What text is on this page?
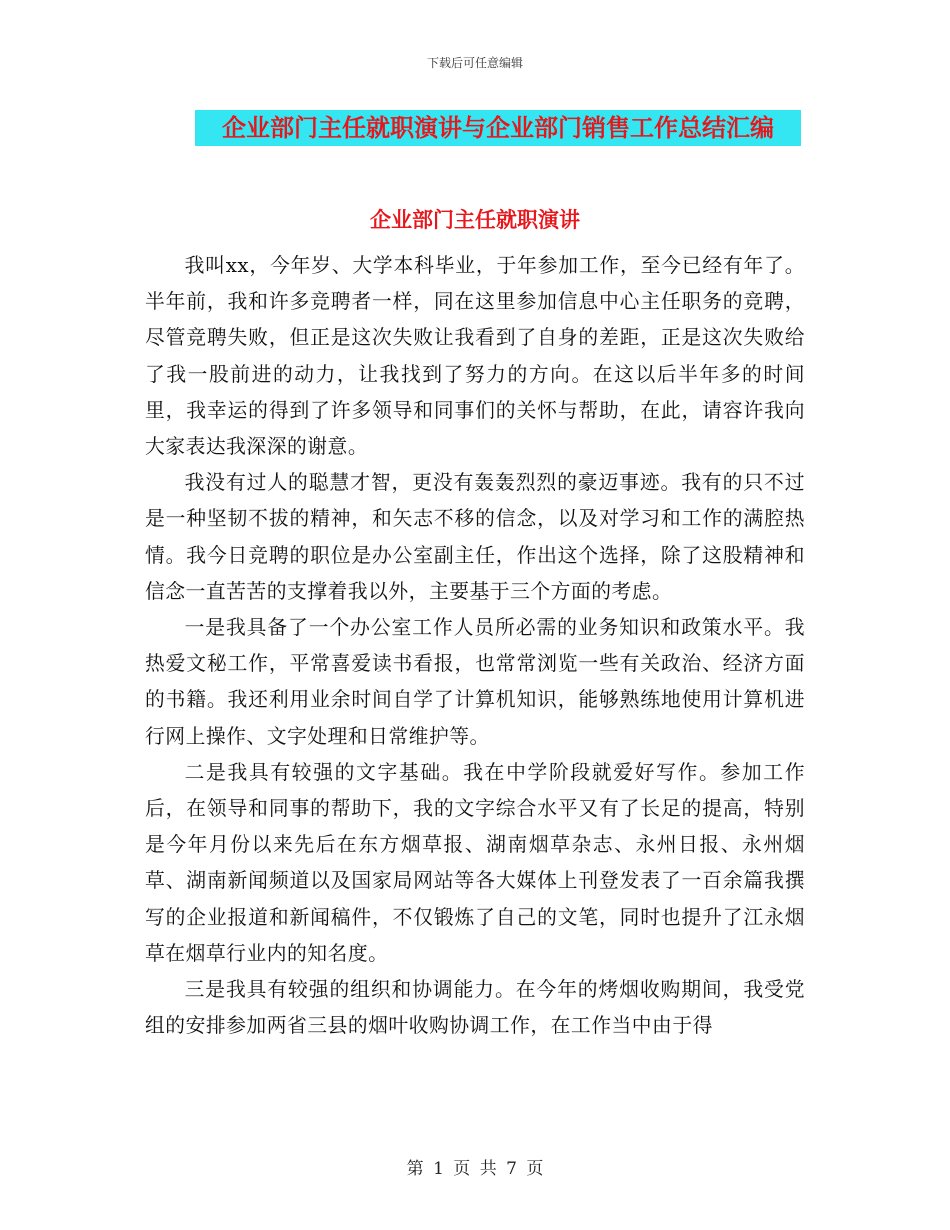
下载后可任意编辑
企业部门主任就职演讲与企业部门销售工作总结汇编
企业部门主任就职演讲

我叫xx，今年岁、大学本科毕业，于年参加工作，至今已经有年了。半年前，我和许多竞聘者一样，同在这里参加信息中心主任职务的竞聘，尽管竞聘失败，但正是这次失败让我看到了自身的差距，正是这次失败给了我一股前进的动力，让我找到了努力的方向。在这以后半年多的时间里，我幸运的得到了许多领导和同事们的关怀与帮助，在此，请容许我向大家表达我深深的谢意。

我没有过人的聪慧才智，更没有轰轰烈烈的豪迈事迹。我有的只不过是一种坚韧不拔的精神，和矢志不移的信念，以及对学习和工作的满腔热情。我今日竞聘的职位是办公室副主任，作出这个选择，除了这股精神和信念一直苦苦的支撑着我以外，主要基于三个方面的考虑。

一是我具备了一个办公室工作人员所必需的业务知识和政策水平。我热爱文秘工作，平常喜爱读书看报，也常常浏览一些有关政治、经济方面的书籍。我还利用业余时间自学了计算机知识，能够熟练地使用计算机进行网上操作、文字处理和日常维护等。

二是我具有较强的文字基础。我在中学阶段就爱好写作。参加工作后，在领导和同事的帮助下，我的文字综合水平又有了长足的提高，特别是今年月份以来先后在东方烟草报、湖南烟草杂志、永州日报、永州烟草、湖南新闻频道以及国家局网站等各大媒体上刊登发表了一百余篇我撰写的企业报道和新闻稿件，不仅锻炼了自己的文笔，同时也提升了江永烟草在烟草行业内的知名度。

三是我具有较强的组织和协调能力。在今年的烤烟收购期间，我受党组的安排参加两省三县的烟叶收购协调工作，在工作当中由于得

第 1 页 共 7 页
